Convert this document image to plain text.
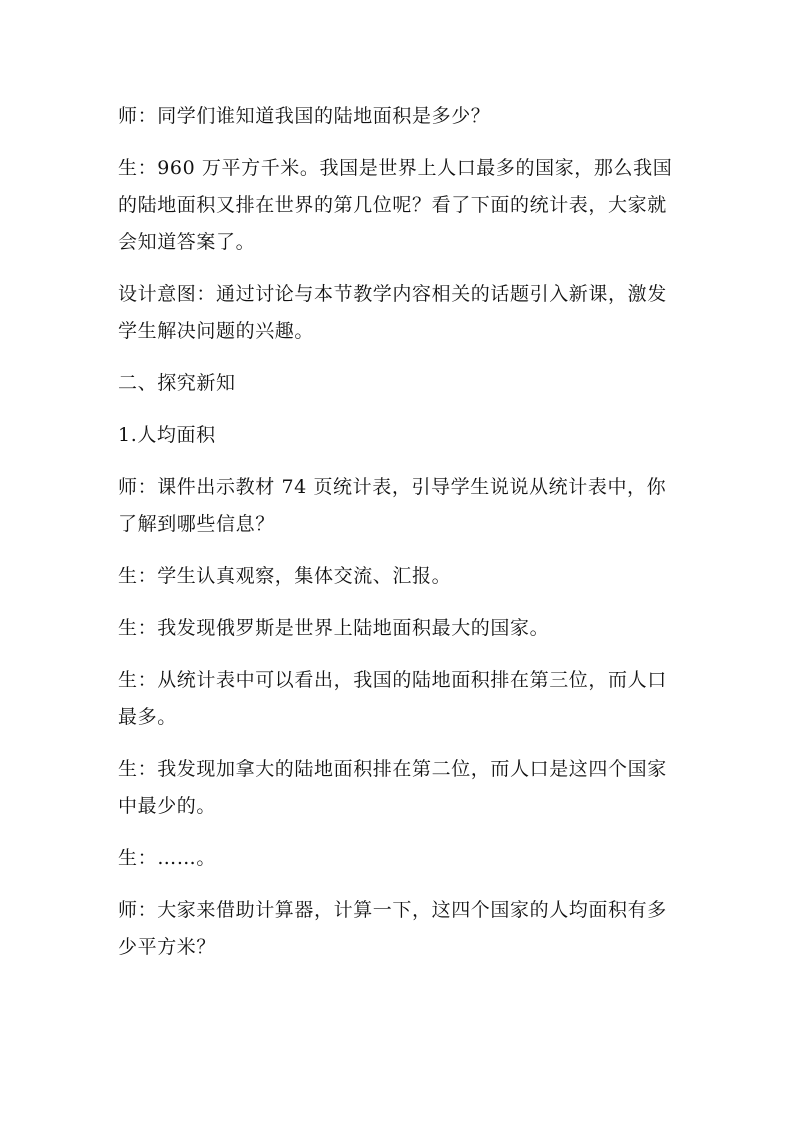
师：同学们谁知道我国的陆地面积是多少？

生：960 万平方千米。我国是世界上人口最多的国家，那么我国的陆地面积又排在世界的第几位呢？看了下面的统计表，大家就会知道答案了。

设计意图：通过讨论与本节教学内容相关的话题引入新课，激发学生解决问题的兴趣。

二、探究新知

1.人均面积

师：课件出示教材 74 页统计表，引导学生说说从统计表中，你了解到哪些信息？

生：学生认真观察，集体交流、汇报。

生：我发现俄罗斯是世界上陆地面积最大的国家。

生：从统计表中可以看出，我国的陆地面积排在第三位，而人口最多。

生：我发现加拿大的陆地面积排在第二位，而人口是这四个国家中最少的。

生：……。

师：大家来借助计算器，计算一下，这四个国家的人均面积有多少平方米？
